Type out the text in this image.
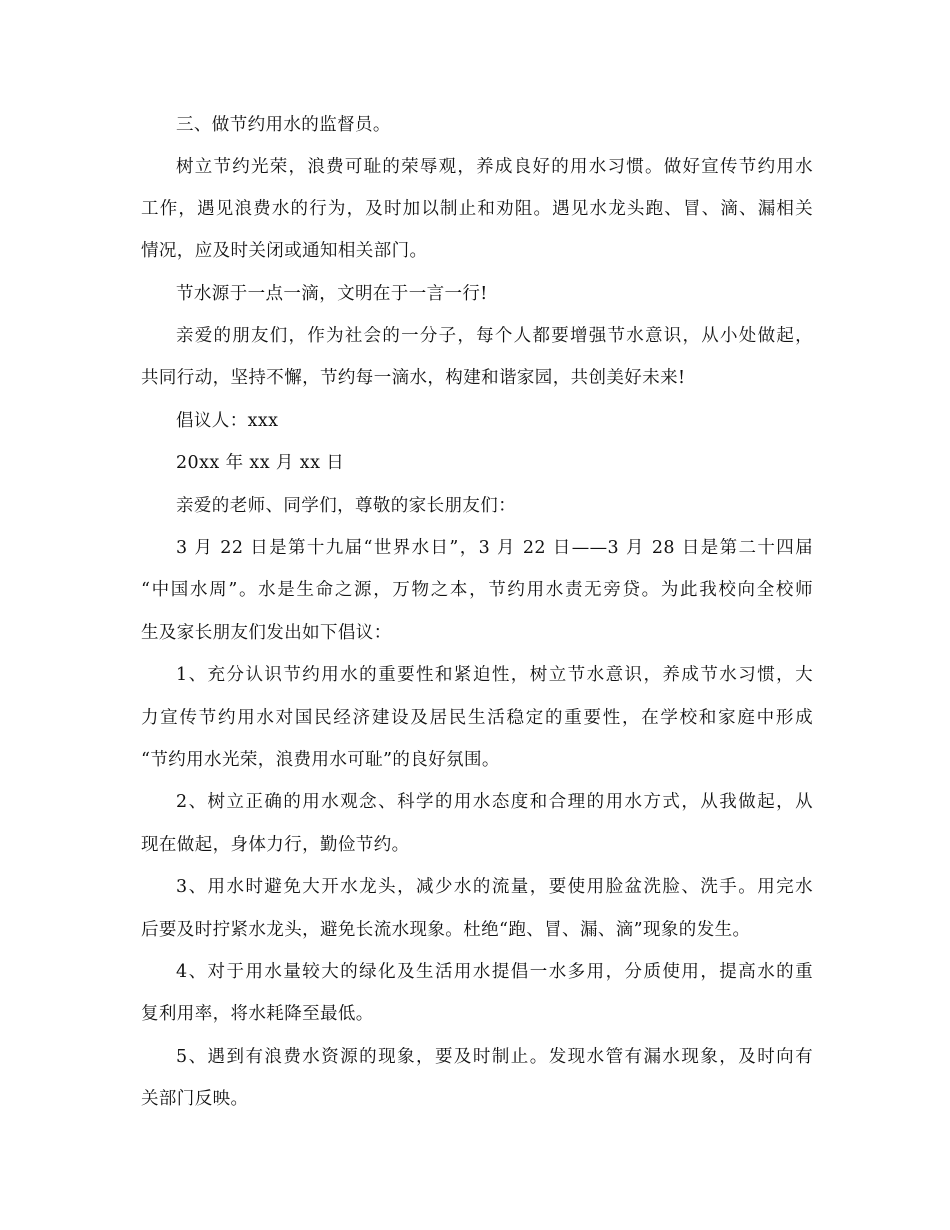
三、做节约用水的监督员。

树立节约光荣，浪费可耻的荣辱观，养成良好的用水习惯。做好宣传节约用水

工作，遇见浪费水的行为，及时加以制止和劝阻。遇见水龙头跑、冒、滴、漏相关

情况，应及时关闭或通知相关部门。

节水源于一点一滴，文明在于一言一行!

亲爱的朋友们，作为社会的一分子，每个人都要增强节水意识，从小处做起，

共同行动，坚持不懈，节约每一滴水，构建和谐家园，共创美好未来!

倡议人：xxx

20xx 年 xx 月 xx 日

亲爱的老师、同学们，尊敬的家长朋友们：

3 月 22 日是第十九届“世界水日”，3 月 22 日——3 月 28 日是第二十四届

“中国水周”。水是生命之源，万物之本，节约用水责无旁贷。为此我校向全校师

生及家长朋友们发出如下倡议：

1、充分认识节约用水的重要性和紧迫性，树立节水意识，养成节水习惯，大

力宣传节约用水对国民经济建设及居民生活稳定的重要性，在学校和家庭中形成

“节约用水光荣，浪费用水可耻”的良好氛围。

2、树立正确的用水观念、科学的用水态度和合理的用水方式，从我做起，从

现在做起，身体力行，勤俭节约。

3、用水时避免大开水龙头，减少水的流量，要使用脸盆洗脸、洗手。用完水

后要及时拧紧水龙头，避免长流水现象。杜绝“跑、冒、漏、滴”现象的发生。

4、对于用水量较大的绿化及生活用水提倡一水多用，分质使用，提高水的重

复利用率，将水耗降至最低。

5、遇到有浪费水资源的现象，要及时制止。发现水管有漏水现象，及时向有

关部门反映。
